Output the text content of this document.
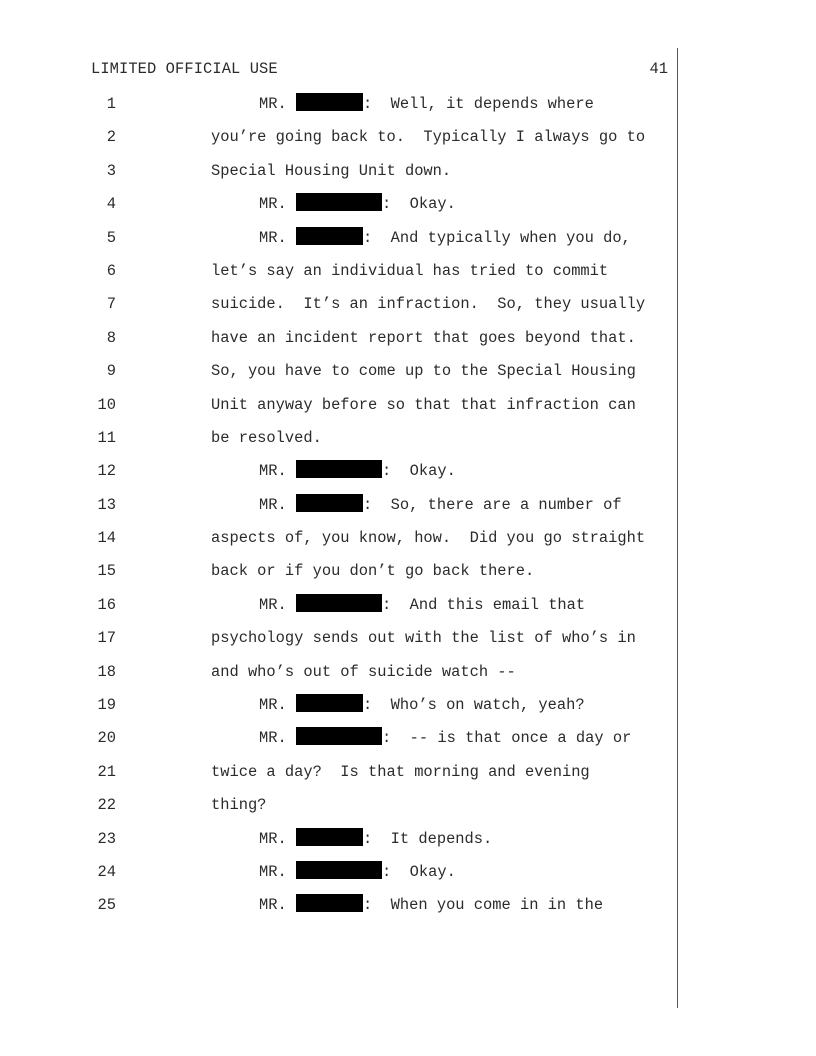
LIMITED OFFICIAL USE	41
1	MR.	:  Well, it depends where
2	you’re going back to.  Typically I always go to
3	Special Housing Unit down.
4	MR.	:  Okay.
5	MR.	:  And typically when you do,
6	let’s say an individual has tried to commit
7	suicide.  It’s an infraction.  So, they usually
8	have an incident report that goes beyond that.
9	So, you have to come up to the Special Housing
10	Unit anyway before so that that infraction can
11	be resolved.
12	MR.	:  Okay.
13	MR.	:  So, there are a number of
14	aspects of, you know, how.  Did you go straight
15	back or if you don’t go back there.
16	MR.	:  And this email that
17	psychology sends out with the list of who’s in
18	and who’s out of suicide watch --
19	MR.	:  Who’s on watch, yeah?
20	MR.	:  -- is that once a day or
21	twice a day?  Is that morning and evening
22	thing?
23	MR.	:  It depends.
24	MR.	:  Okay.
25	MR.	:  When you come in in the
